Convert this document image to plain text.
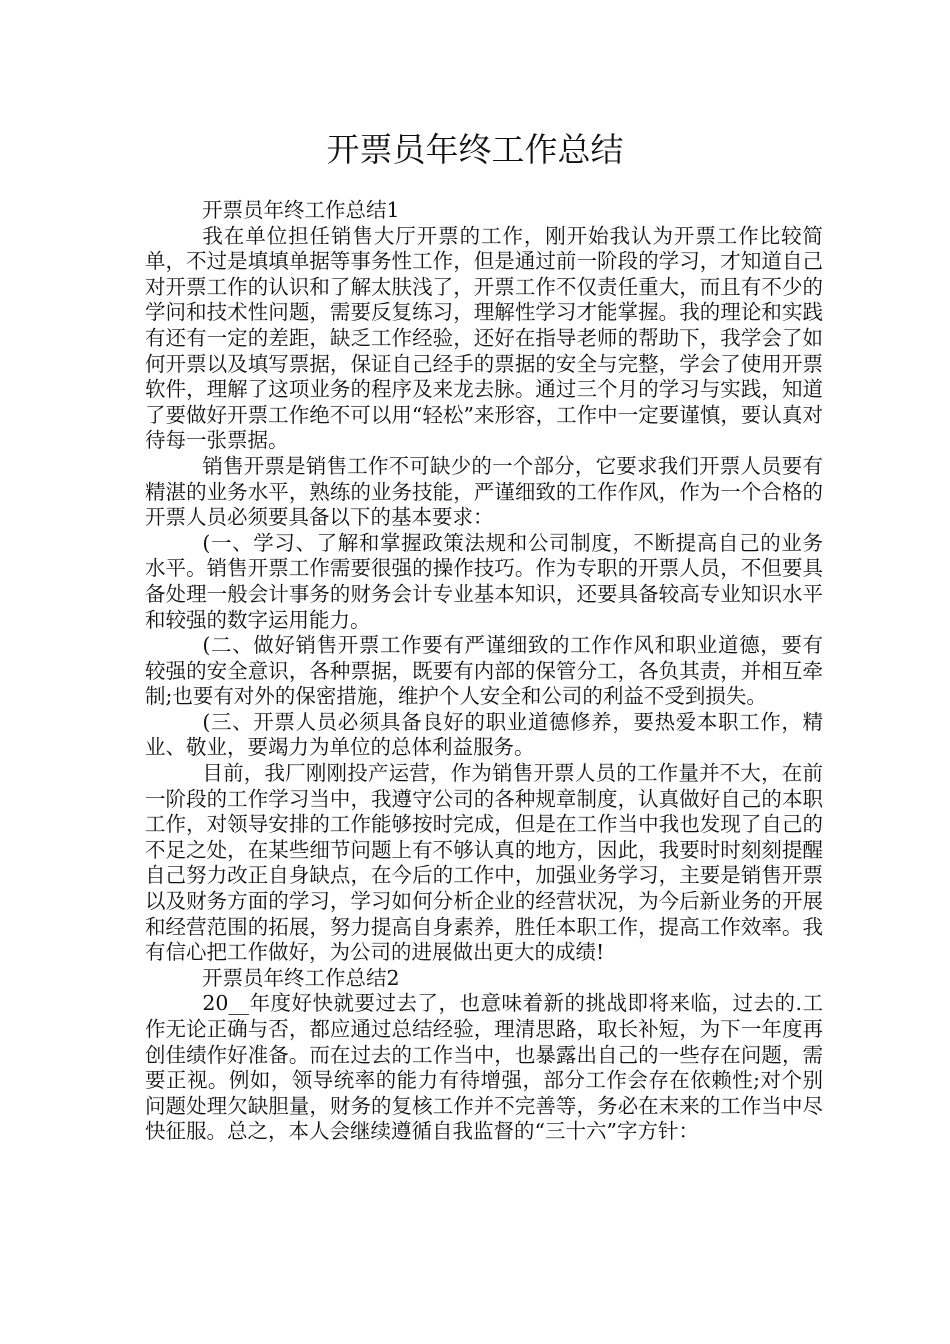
开票员年终工作总结

开票员年终工作总结1

我在单位担任销售大厅开票的工作，刚开始我认为开票工作比较简单，不过是填填单据等事务性工作，但是通过前一阶段的学习，才知道自己对开票工作的认识和了解太肤浅了，开票工作不仅责任重大，而且有不少的学问和技术性问题，需要反复练习，理解性学习才能掌握。我的理论和实践有还有一定的差距，缺乏工作经验，还好在指导老师的帮助下，我学会了如何开票以及填写票据，保证自己经手的票据的安全与完整，学会了使用开票软件，理解了这项业务的程序及来龙去脉。通过三个月的学习与实践，知道了要做好开票工作绝不可以用“轻松”来形容，工作中一定要谨慎，要认真对待每一张票据。

销售开票是销售工作不可缺少的一个部分，它要求我们开票人员要有精湛的业务水平，熟练的业务技能，严谨细致的工作作风，作为一个合格的开票人员必须要具备以下的基本要求：

(一、学习、了解和掌握政策法规和公司制度，不断提高自己的业务水平。销售开票工作需要很强的操作技巧。作为专职的开票人员，不但要具备处理一般会计事务的财务会计专业基本知识，还要具备较高专业知识水平和较强的数字运用能力。

(二、做好销售开票工作要有严谨细致的工作作风和职业道德，要有较强的安全意识，各种票据，既要有内部的保管分工，各负其责，并相互牵制;也要有对外的保密措施，维护个人安全和公司的利益不受到损失。

(三、开票人员必须具备良好的职业道德修养，要热爱本职工作，精业、敬业，要竭力为单位的总体利益服务。

目前，我厂刚刚投产运营，作为销售开票人员的工作量并不大，在前一阶段的工作学习当中，我遵守公司的各种规章制度，认真做好自己的本职工作，对领导安排的工作能够按时完成，但是在工作当中我也发现了自己的不足之处，在某些细节问题上有不够认真的地方，因此，我要时时刻刻提醒自己努力改正自身缺点，在今后的工作中，加强业务学习，主要是销售开票以及财务方面的学习，学习如何分析企业的经营状况，为今后新业务的开展和经营范围的拓展，努力提高自身素养，胜任本职工作，提高工作效率。我有信心把工作做好，为公司的进展做出更大的成绩!

开票员年终工作总结2

20__年度好快就要过去了，也意味着新的挑战即将来临，过去的.工作无论正确与否，都应通过总结经验，理清思路，取长补短，为下一年度再创佳绩作好准备。而在过去的工作当中，也暴露出自己的一些存在问题，需要正视。例如，领导统率的能力有待增强，部分工作会存在依赖性;对个别问题处理欠缺胆量，财务的复核工作并不完善等，务必在末来的工作当中尽快征服。总之，本人会继续遵循自我监督的“三十六”字方针：
